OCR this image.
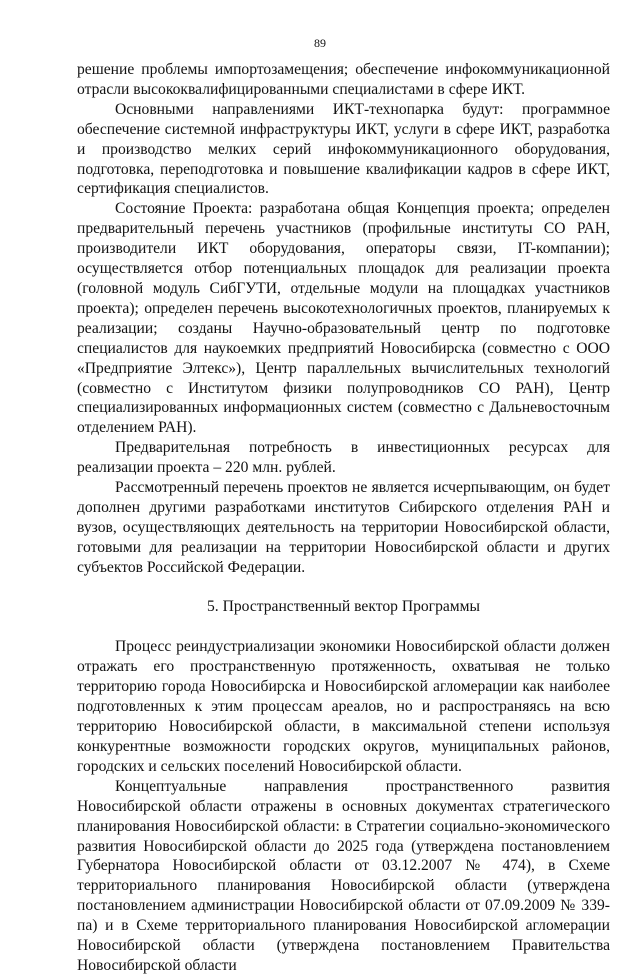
89

решение проблемы импортозамещения; обеспечение инфокоммуникационной отрасли высококвалифицированными специалистами в сфере ИКТ.

Основными направлениями ИКТ-технопарка будут: программное обеспечение системной инфраструктуры ИКТ, услуги в сфере ИКТ, разработка и производство мелких серий инфокоммуникационного оборудования, подготовка, переподготовка и повышение квалификации кадров в сфере ИКТ, сертификация специалистов.

Состояние Проекта: разработана общая Концепция проекта; определен предварительный перечень участников (профильные институты СО РАН, производители ИКТ оборудования, операторы связи, IT-компании); осуществляется отбор потенциальных площадок для реализации проекта (головной модуль СибГУТИ, отдельные модули на площадках участников проекта); определен перечень высокотехнологичных проектов, планируемых к реализации; созданы Научно-образовательный центр по подготовке специалистов для наукоемких предприятий Новосибирска (совместно с ООО «Предприятие Элтекс»), Центр параллельных вычислительных технологий (совместно с Институтом физики полупроводников СО РАН), Центр специализированных информационных систем (совместно с Дальневосточным отделением РАН).

Предварительная потребность в инвестиционных ресурсах для реализации проекта – 220 млн. рублей.

Рассмотренный перечень проектов не является исчерпывающим, он будет дополнен другими разработками институтов Сибирского отделения РАН и вузов, осуществляющих деятельность на территории Новосибирской области, готовыми для реализации на территории Новосибирской области и других субъектов Российской Федерации.

5. Пространственный вектор Программы

Процесс реиндустриализации экономики Новосибирской области должен отражать его пространственную протяженность, охватывая не только территорию города Новосибирска и Новосибирской агломерации как наиболее подготовленных к этим процессам ареалов, но и распространяясь на всю территорию Новосибирской области, в максимальной степени используя конкурентные возможности городских округов, муниципальных районов, городских и сельских поселений Новосибирской области.

Концептуальные направления пространственного развития Новосибирской области отражены в основных документах стратегического планирования Новосибирской области: в Стратегии социально-экономического развития Новосибирской области до 2025 года (утверждена постановлением Губернатора Новосибирской области от 03.12.2007 № 474), в Схеме территориального планирования Новосибирской области (утверждена постановлением администрации Новосибирской области от 07.09.2009 № 339-па) и в Схеме территориального планирования Новосибирской агломерации Новосибирской области (утверждена постановлением Правительства Новосибирской области
